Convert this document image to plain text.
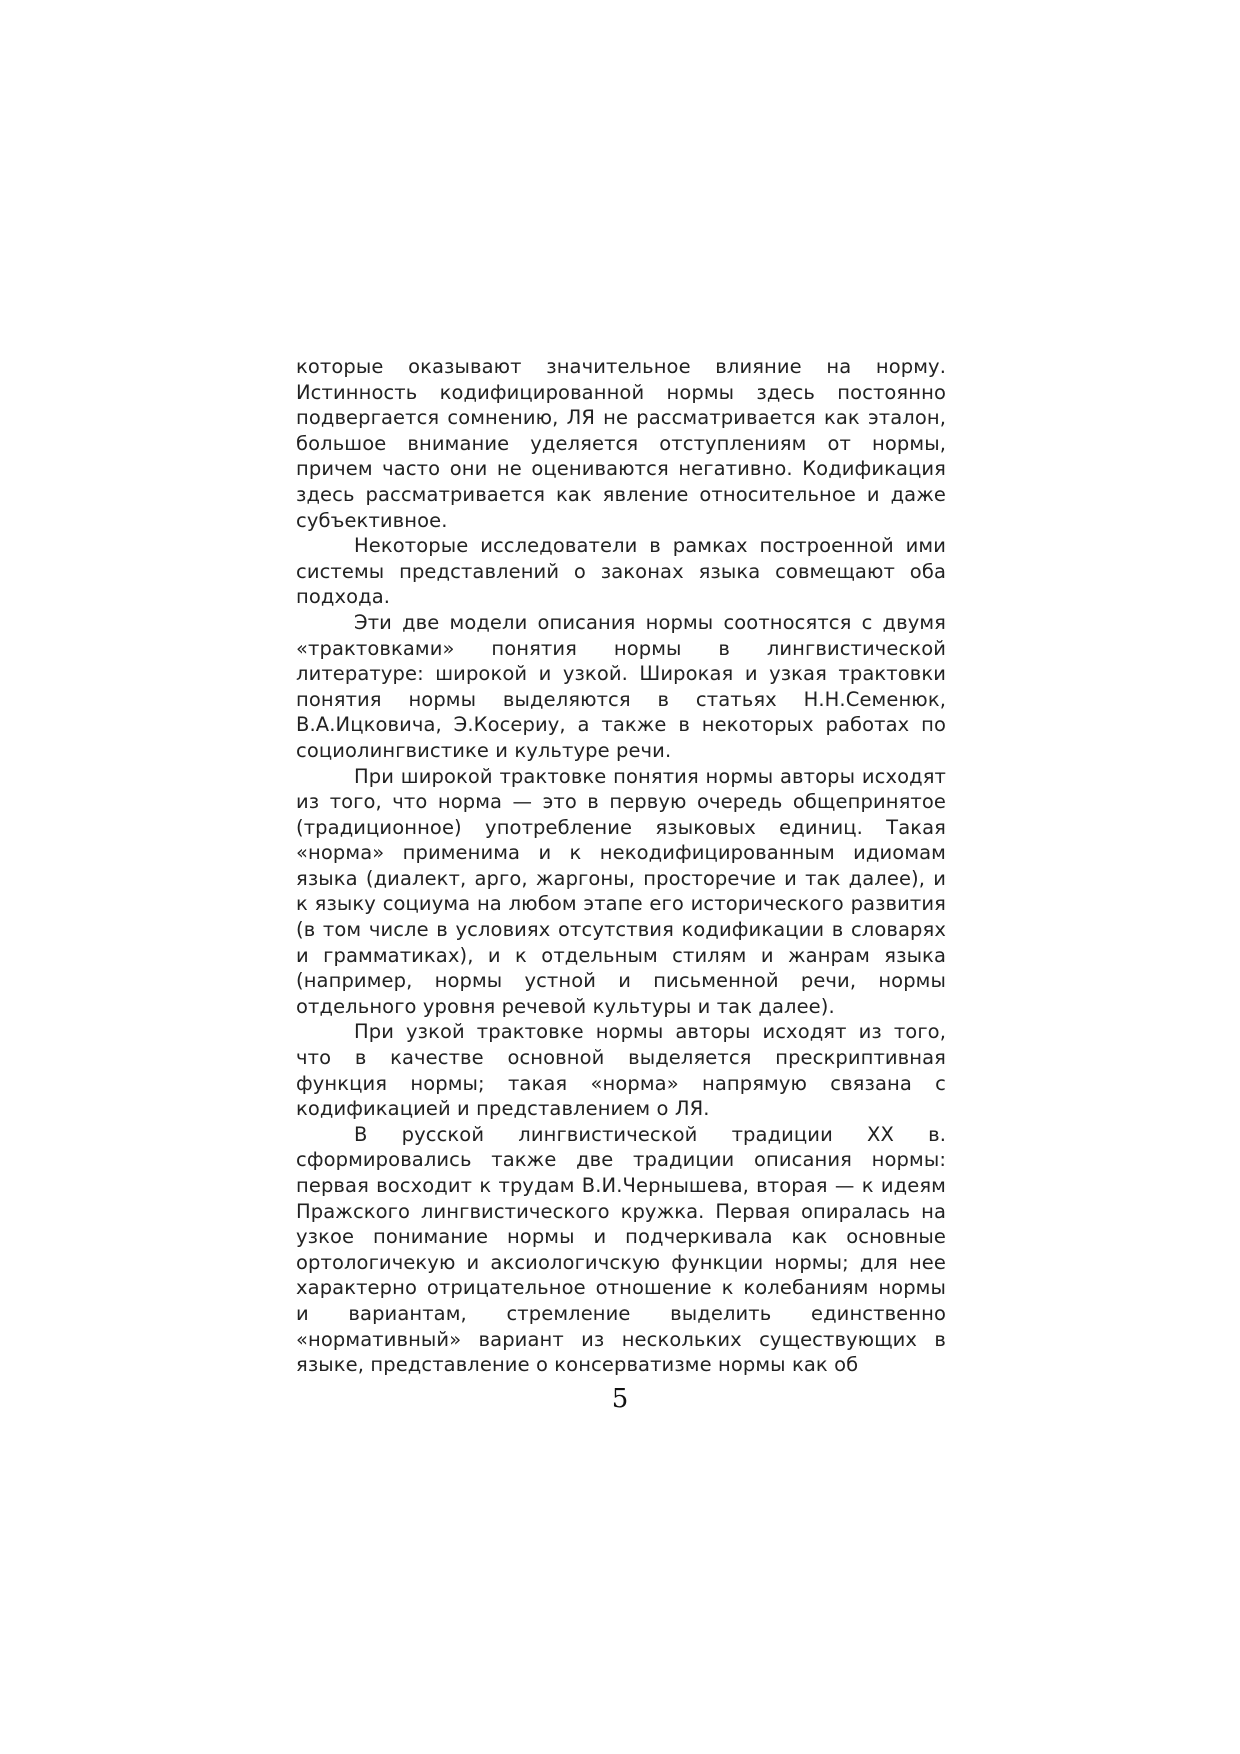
которые оказывают значительное влияние на норму. Истинность кодифицированной нормы здесь постоянно подвергается сомнению, ЛЯ не рассматривается как эталон, большое внимание уделяется отступлениям от нормы, причем часто они не оцениваются негативно. Кодификация здесь рассматривается как явление относительное и даже субъективное.

Некоторые исследователи в рамках построенной ими системы представлений о законах языка совмещают оба подхода.

Эти две модели описания нормы соотносятся с двумя «трактовками» понятия нормы в лингвистической литературе: широкой и узкой. Широкая и узкая трактовки понятия нормы выделяются в статьях Н.Н.Семенюк, В.А.Ицковича, Э.Косериу, а также в некоторых работах по социолингвистике и культуре речи.

При широкой трактовке понятия нормы авторы исходят из того, что норма — это в первую очередь общепринятое (традиционное) употребление языковых единиц. Такая «норма» применима и к некодифицированным идиомам языка (диалект, арго, жаргоны, просторечие и так далее), и к языку социума на любом этапе его исторического развития (в том числе в условиях отсутствия кодификации в словарях и грамматиках), и к отдельным стилям и жанрам языка (например, нормы устной и письменной речи, нормы отдельного уровня речевой культуры и так далее).

При узкой трактовке нормы авторы исходят из того, что в качестве основной выделяется прескриптивная функция нормы; такая «норма» напрямую связана с кодификацией и представлением о ЛЯ.

В русской лингвистической традиции XX в. сформировались также две традиции описания нормы: первая восходит к трудам В.И.Чернышева, вторая — к идеям Пражского лингвистического кружка. Первая опиралась на узкое понимание нормы и подчеркивала как основные ортологичекую и аксиологичскую функции нормы; для нее характерно отрицательное отношение к колебаниям нормы и вариантам, стремление выделить единственно «нормативный» вариант из нескольких существующих в языке, представление о консерватизме нормы как об

5
